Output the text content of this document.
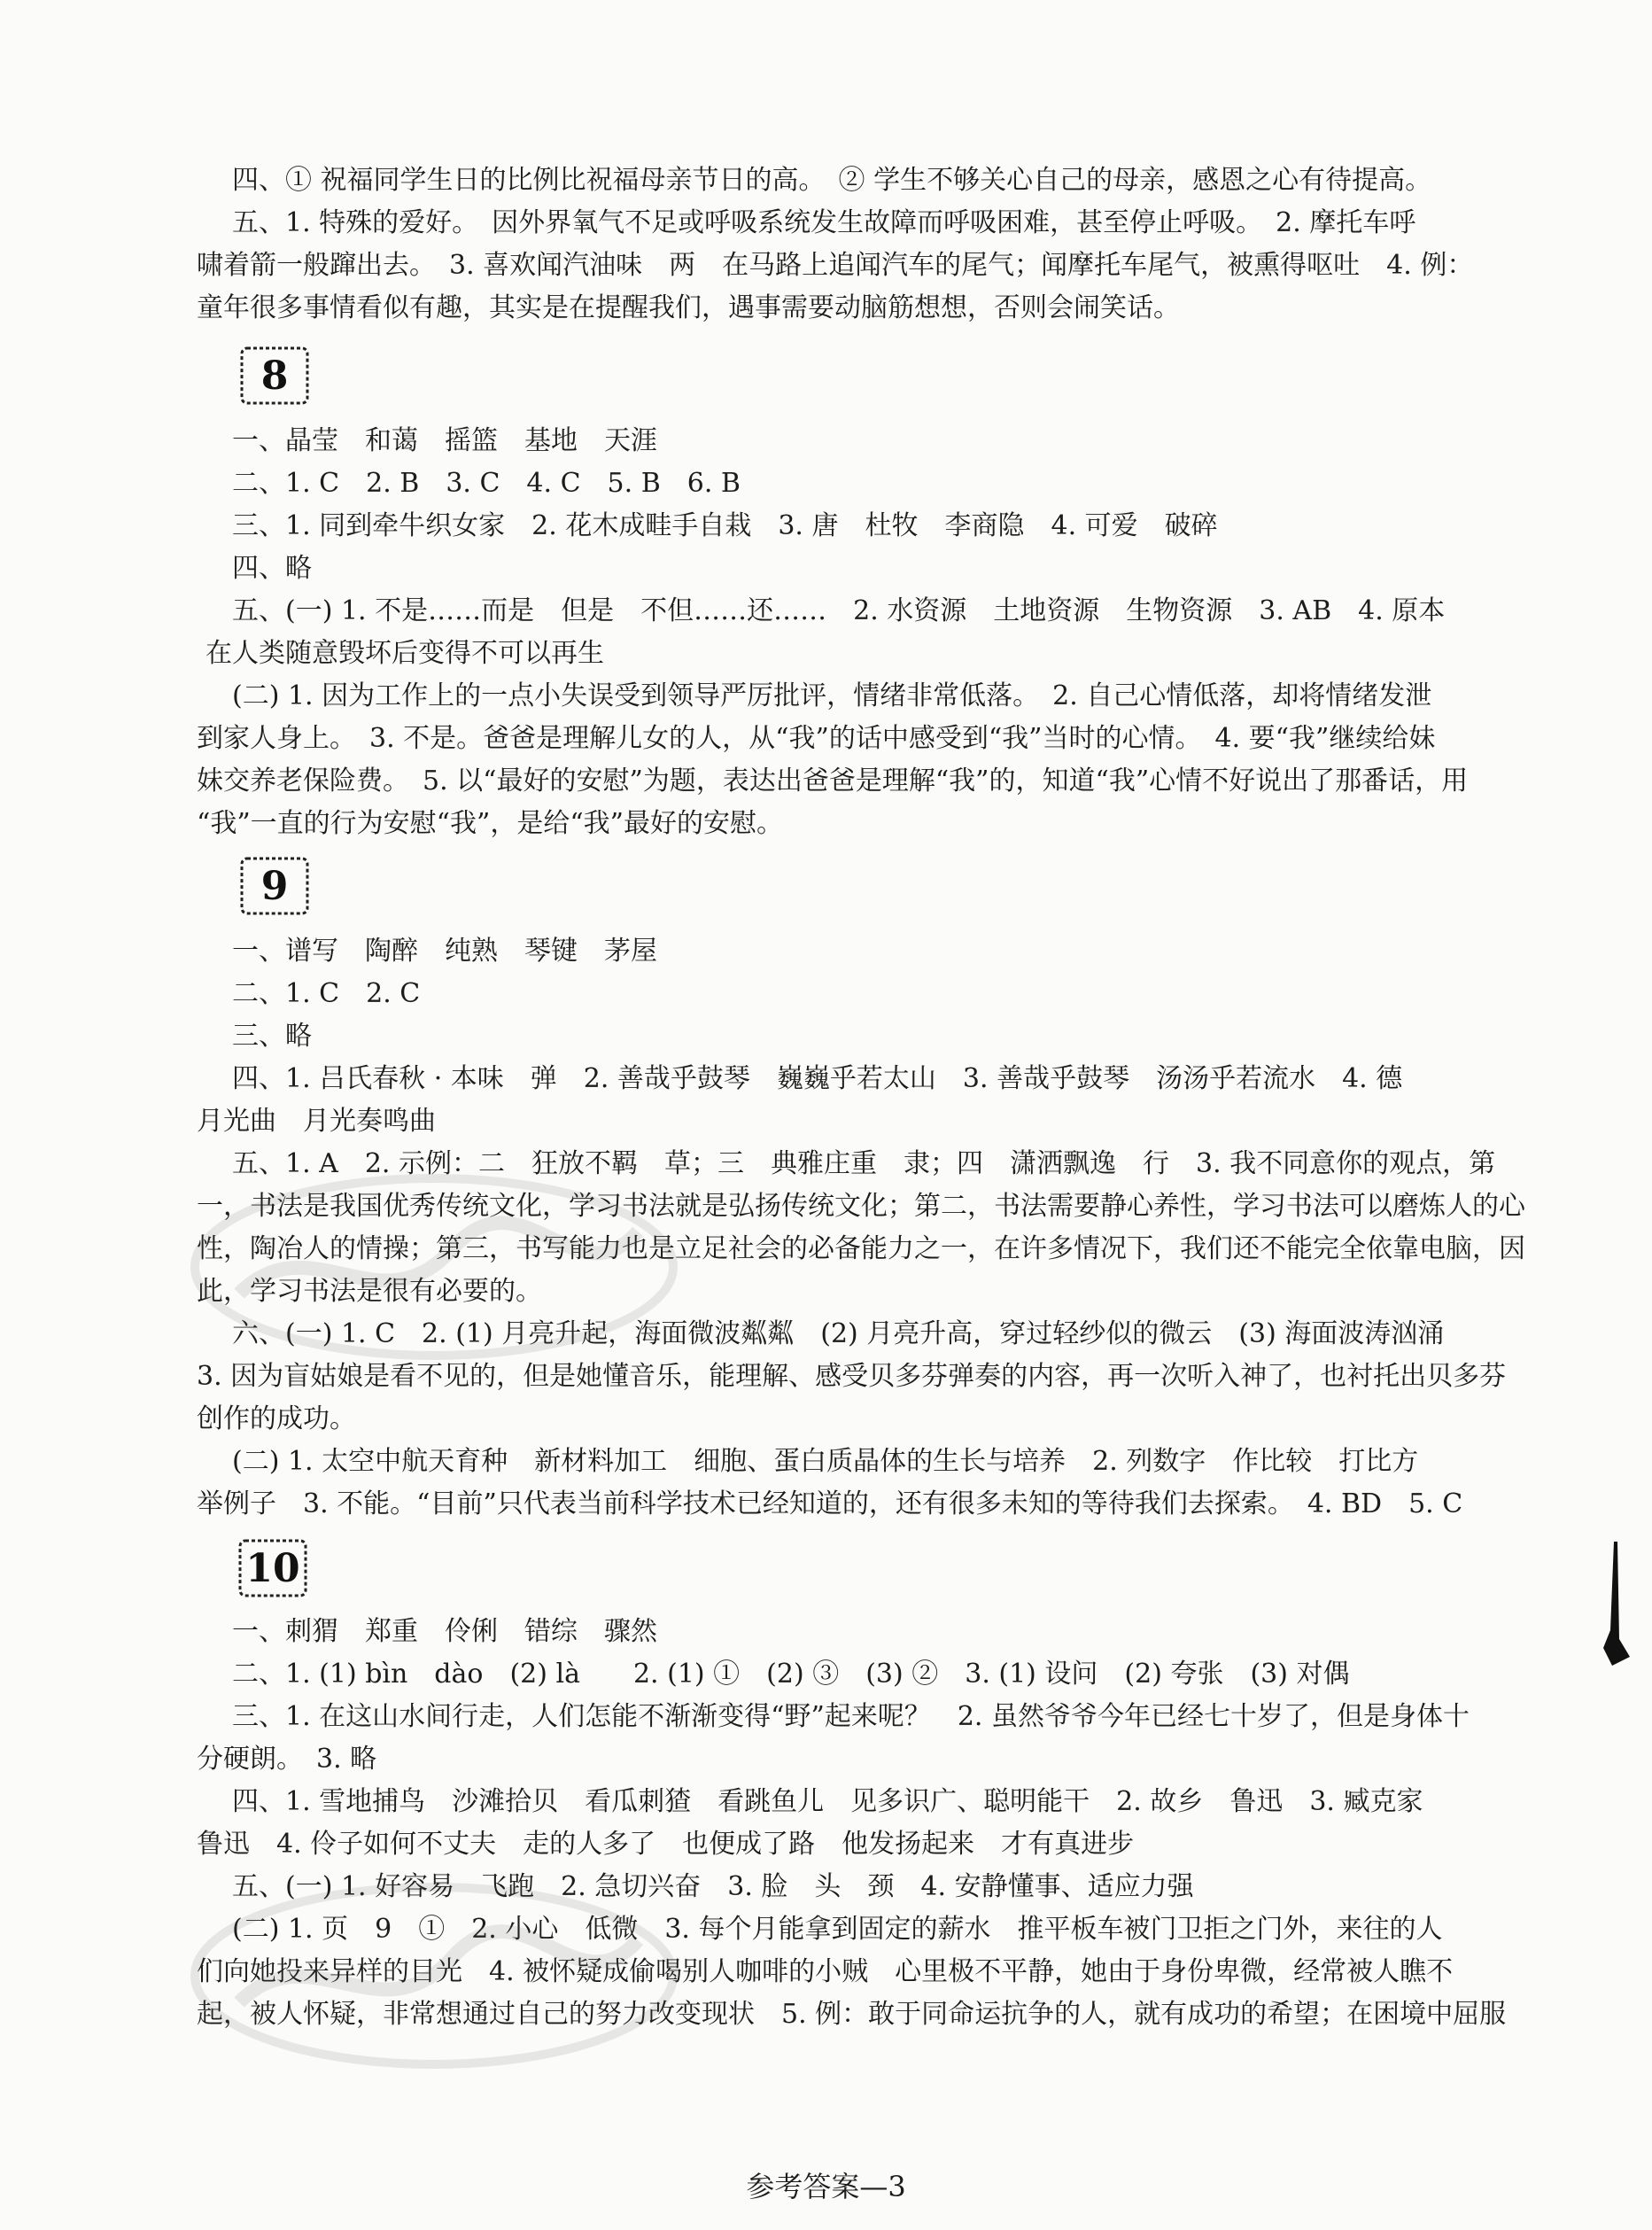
四、① 祝福同学生日的比例比祝福母亲节日的高。　② 学生不够关心自己的母亲，感恩之心有待提高。
五、1. 特殊的爱好。　因外界氧气不足或呼吸系统发生故障而呼吸困难，甚至停止呼吸。　2. 摩托车呼
啸着箭一般蹿出去。　3. 喜欢闻汽油味　两　在马路上追闻汽车的尾气；闻摩托车尾气，被熏得呕吐　4. 例：
童年很多事情看似有趣，其实是在提醒我们，遇事需要动脑筋想想，否则会闹笑话。
8
一、晶莹　和蔼　摇篮　基地　天涯
二、1. C　2. B　3. C　4. C　5. B　6. B
三、1. 同到牵牛织女家　2. 花木成畦手自栽　3. 唐　杜牧　李商隐　4. 可爱　破碎
四、略
五、(一) 1. 不是……而是　但是　不但……还……　2. 水资源　土地资源　生物资源　3. AB　4. 原本
在人类随意毁坏后变得不可以再生
(二) 1. 因为工作上的一点小失误受到领导严厉批评，情绪非常低落。　2. 自己心情低落，却将情绪发泄
到家人身上。　3. 不是。爸爸是理解儿女的人，从“我”的话中感受到“我”当时的心情。　4. 要“我”继续给妹
妹交养老保险费。　5. 以“最好的安慰”为题，表达出爸爸是理解“我”的，知道“我”心情不好说出了那番话，用
“我”一直的行为安慰“我”，是给“我”最好的安慰。
9
一、谱写　陶醉　纯熟　琴键　茅屋
二、1. C　2. C
三、略
四、1. 吕氏春秋 · 本味　弹　2. 善哉乎鼓琴　巍巍乎若太山　3. 善哉乎鼓琴　汤汤乎若流水　4. 德
月光曲　月光奏鸣曲
五、1. A　2. 示例：二　狂放不羁　草；三　典雅庄重　隶；四　潇洒飘逸　行　3. 我不同意你的观点，第
一，书法是我国优秀传统文化，学习书法就是弘扬传统文化；第二，书法需要静心养性，学习书法可以磨炼人的心
性，陶冶人的情操；第三，书写能力也是立足社会的必备能力之一，在许多情况下，我们还不能完全依靠电脑，因
此，学习书法是很有必要的。
六、(一) 1. C　2. (1) 月亮升起，海面微波粼粼　(2) 月亮升高，穿过轻纱似的微云　(3) 海面波涛汹涌
3. 因为盲姑娘是看不见的，但是她懂音乐，能理解、感受贝多芬弹奏的内容，再一次听入神了，也衬托出贝多芬
创作的成功。
(二) 1. 太空中航天育种　新材料加工　细胞、蛋白质晶体的生长与培养　2. 列数字　作比较　打比方
举例子　3. 不能。“目前”只代表当前科学技术已经知道的，还有很多未知的等待我们去探索。　4. BD　5. C
10
一、刺猬　郑重　伶俐　错综　骤然
二、1. (1) bìn　dào　(2) là　　2. (1) ①　(2) ③　(3) ②　3. (1) 设问　(2) 夸张　(3) 对偶
三、1. 在这山水间行走，人们怎能不渐渐变得“野”起来呢？　2. 虽然爷爷今年已经七十岁了，但是身体十
分硬朗。　3. 略
四、1. 雪地捕鸟　沙滩拾贝　看瓜刺猹　看跳鱼儿　见多识广、聪明能干　2. 故乡　鲁迅　3. 臧克家
鲁迅　4. 伶子如何不丈夫　走的人多了　也便成了路　他发扬起来　才有真进步
五、(一) 1. 好容易　飞跑　2. 急切兴奋　3. 脸　头　颈　4. 安静懂事、适应力强
(二) 1. 页　9　①　2. 小心　低微　3. 每个月能拿到固定的薪水　推平板车被门卫拒之门外，来往的人
们向她投来异样的目光　4. 被怀疑成偷喝别人咖啡的小贼　心里极不平静，她由于身份卑微，经常被人瞧不
起，被人怀疑，非常想通过自己的努力改变现状　5. 例：敢于同命运抗争的人，就有成功的希望；在困境中屈服
参考答案—3
